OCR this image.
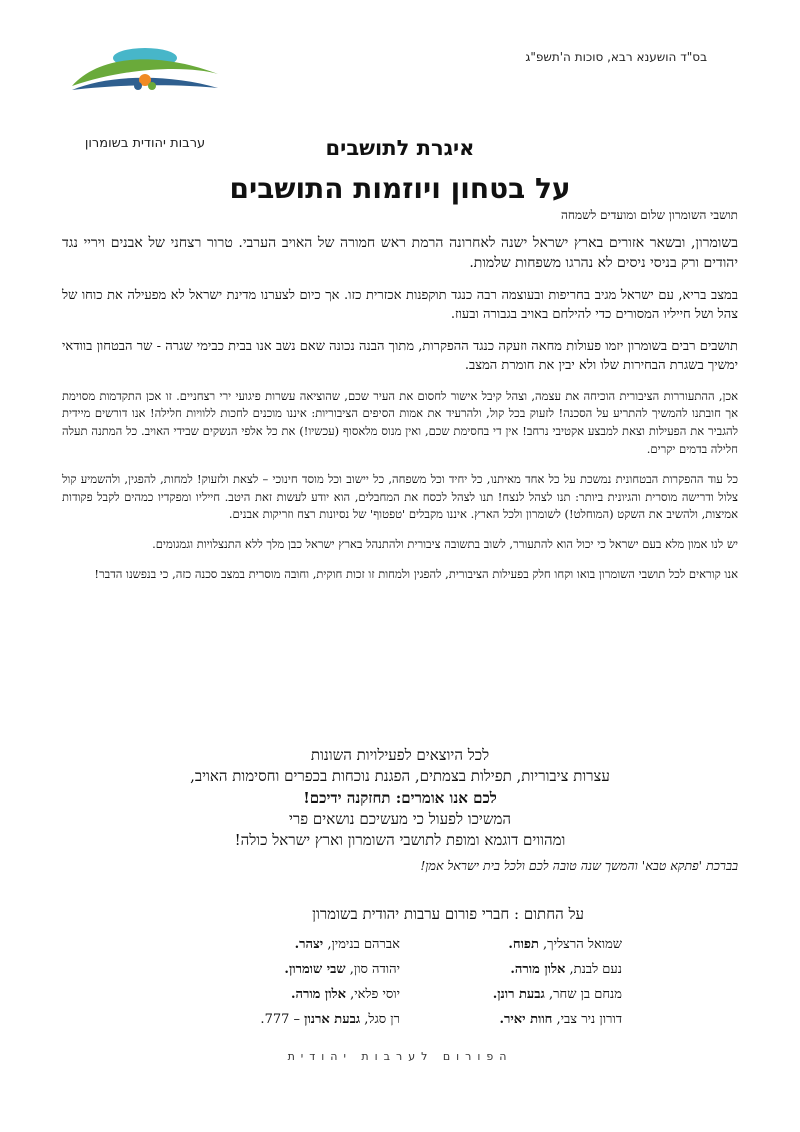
ערבות יהודית בשומרון
בס"ד הושענא רבא, סוכות ה'תשפ"ג
איגרת לתושבים
על בטחון ויוזמות התושבים

תושבי השומרון שלום ומועדים לשמחה

בשומרון, ובשאר אזורים בארץ ישראל ישנה לאחרונה הרמת ראש חמורה של האויב הערבי. טרור רצחני של אבנים ויריי נגד יהודים ורק בניסי ניסים לא נהרגו משפחות שלמות.

במצב בריא, עם ישראל מגיב בחריפות ובעוצמה רבה כנגד תוקפנות אכזרית כזו. אך כיום לצערנו מדינת ישראל לא מפעילה את כוחו של צהל ושל חייליו המסורים כדי להילחם באויב בגבורה ובעוז.

תושבים רבים בשומרון יזמו פעולות מחאה וזעקה כנגד ההפקרות, מתוך הבנה נכונה שאם נשב אנו בבית כבימי שגרה - שר הבטחון בוודאי ימשיך בשגרת הבחירות שלו ולא יבין את חומרת המצב.

אכן, ההתעוררות הציבורית הוכיחה את עצמה, וצהל קיבל אישור לחסום את העיר שכם, שהוציאה עשרות פיגועי ירי רצחניים. זו אכן התקדמות מסוימת אך חובתנו להמשיך להתריע על הסכנה! לזעוק בכל קול, ולהרעיד את אמות הסיפים הציבוריות: איננו מוכנים לחכות ללוויות חלילה! אנו דורשים מיידית להגביר את הפעילות וצאת למבצע אקטיבי נרחב! אין די בחסימת שכם, ואין מנוס מלאסוף (עכשיו!) את כל אלפי הנשקים שבידי האויב. כל המתנה תעלה חלילה בדמים יקרים.

כל עוד ההפקרות הבטחונית נמשכת על כל אחד מאיתנו, כל יחיד וכל משפחה, כל יישוב וכל מוסד חינוכי – לצאת ולזעוק! למחות, להפגין, ולהשמיע קול צלול ודרישה מוסרית והגיונית ביותר: תנו לצהל לנצח! תנו לצהל לכסח את המחבלים, הוא יודע לעשות זאת היטב. חייליו ומפקדיו כמהים לקבל פקודות אמיצות, ולהשיב את השקט (המוחלט!) לשומרון ולכל הארץ. איננו מקבלים 'טפטוף' של נסיונות רצח וזריקות אבנים.

יש לנו אמון מלא בעם ישראל כי יכול הוא להתעורר, לשוב בתשובה ציבורית ולהתנהל בארץ ישראל כבן מלך ללא התנצלויות וגמגומים.

אנו קוראים לכל תושבי השומרון בואו וקחו חלק בפעילות הציבורית, להפגין ולמחות זו זכות חוקית, וחובה מוסרית במצב סכנה כזה, כי בנפשנו הדבר!

לכל היוצאים לפעילויות השונות
עצרות ציבוריות, תפילות בצמתים, הפגנת נוכחות בכפרים וחסימות האויב,
לכם אנו אומרים: תחזקנה ידיכם!
המשיכו לפעול כי מעשיכם נושאים פרי
ומהווים דוגמא ומופת לתושבי השומרון וארץ ישראל כולה!
בברכת 'פתקא טבא' והמשך שנה טובה לכם ולכל בית ישראל אמן!
על החתום : חברי פורום ערבות יהודית בשומרון
שמואל הרצליך, תפוח.
נעם לבנת, אלון מורה.
מנחם בן שחר, גבעת רונן.
דורון ניר צבי, חוות יאיר.
אברהם בנימין, יצהר.
יהודה סון, שבי שומרון.
יוסי פלאי, אלון מורה.
רן סגל, גבעת ארנון – 777.
הפורום לערבות יהודית
